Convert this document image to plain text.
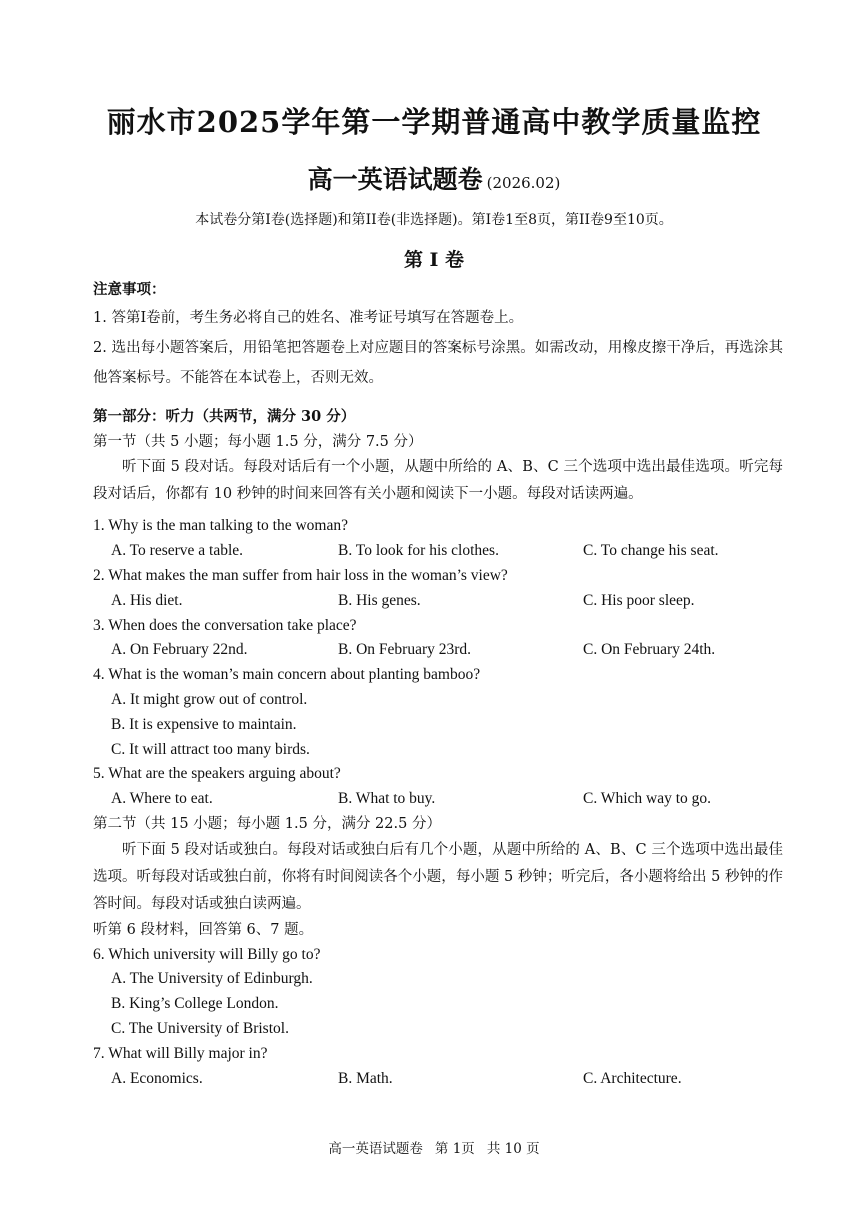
丽水市2025学年第一学期普通高中教学质量监控
高一英语试题卷 (2026.02)
本试卷分第I卷(选择题)和第II卷(非选择题)。第I卷1至8页，第II卷9至10页。
第 I 卷
注意事项：
1. 答第I卷前，考生务必将自己的姓名、准考证号填写在答题卷上。
2. 选出每小题答案后，用铅笔把答题卷上对应题目的答案标号涂黑。如需改动，用橡皮擦干净后，再选涂其他答案标号。不能答在本试卷上，否则无效。
第一部分：听力（共两节，满分 30 分）
第一节（共 5 小题；每小题 1.5 分，满分 7.5 分）
听下面 5 段对话。每段对话后有一个小题，从题中所给的 A、B、C 三个选项中选出最佳选项。听完每段对话后，你都有 10 秒钟的时间来回答有关小题和阅读下一小题。每段对话读两遍。
1. Why is the man talking to the woman?
A. To reserve a table.	B. To look for his clothes.	C. To change his seat.
2. What makes the man suffer from hair loss in the woman’s view?
A. His diet.	B. His genes.	C. His poor sleep.
3. When does the conversation take place?
A. On February 22nd.	B. On February 23rd.	C. On February 24th.
4. What is the woman’s main concern about planting bamboo?
A. It might grow out of control.
B. It is expensive to maintain.
C. It will attract too many birds.
5. What are the speakers arguing about?
A. Where to eat.	B. What to buy.	C. Which way to go.
第二节（共 15 小题；每小题 1.5 分，满分 22.5 分）
听下面 5 段对话或独白。每段对话或独白后有几个小题，从题中所给的 A、B、C 三个选项中选出最佳选项。听每段对话或独白前，你将有时间阅读各个小题，每小题 5 秒钟；听完后，各小题将给出 5 秒钟的作答时间。每段对话或独白读两遍。
听第 6 段材料，回答第 6、7 题。
6. Which university will Billy go to?
A. The University of Edinburgh.
B. King’s College London.
C. The University of Bristol.
7. What will Billy major in?
A. Economics.	B. Math.	C. Architecture.
高一英语试题卷 第 1页 共 10 页
